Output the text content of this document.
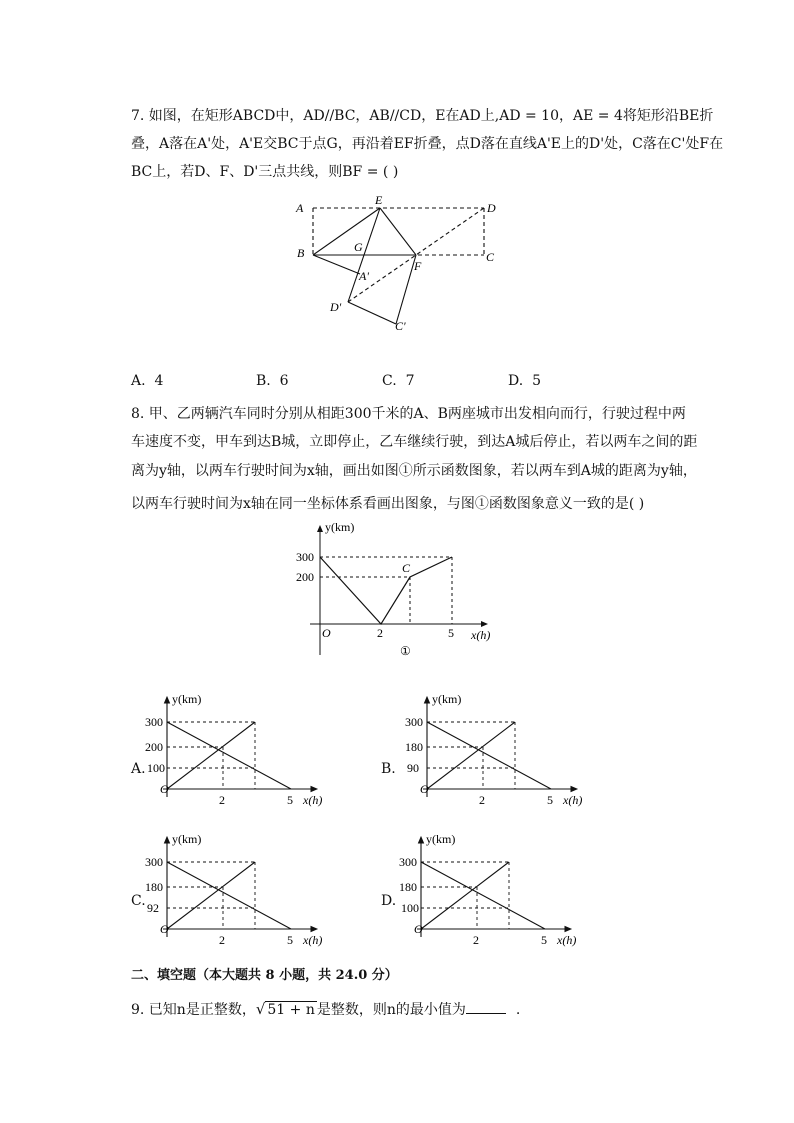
7. 如图，在矩形ABCD中，AD//BC，AB//CD，E在AD上,AD = 10，AE = 4将矩形沿BE折
叠，A落在A'处，A'E交BC于点G，再沿着EF折叠，点D落在直线A'E上的D'处，C落在C'处F在
BC上，若D、F、D'三点共线，则BF = ( )
A
E
D
B	G
C
F
A'
D'
C'
A. 4	B. 6	C. 7	D. 5
8. 甲、乙两辆汽车同时分别从相距300千米的A、B两座城市出发相向而行，行驶过程中两
车速度不变，甲车到达B城，立即停止，乙车继续行驶，到达A城后停止，若以两车之间的距
离为y轴，以两车行驶时间为x轴，画出如图①所示函数图象，若以两车到A城的距离为y轴，
以两车行驶时间为x轴在同一坐标体系看画出图象，与图①函数图象意义一致的是( )
y(km)
300
200
O	2	5 x(h)
C
①
A.
y(km)
300
200
100
O
2	5 x(h)
B.
y(km)
300
180
90
O
2	5 x(h)
C.
y(km)
300
180
92
O
2	5 x(h)
D.
y(km)
300
180
100
O
2	5 x(h)
二、填空题（本大题共 8 小题，共 24.0 分）
9. 已知n是正整数，√ 51 + n 是整数，则n的最小值为	.
